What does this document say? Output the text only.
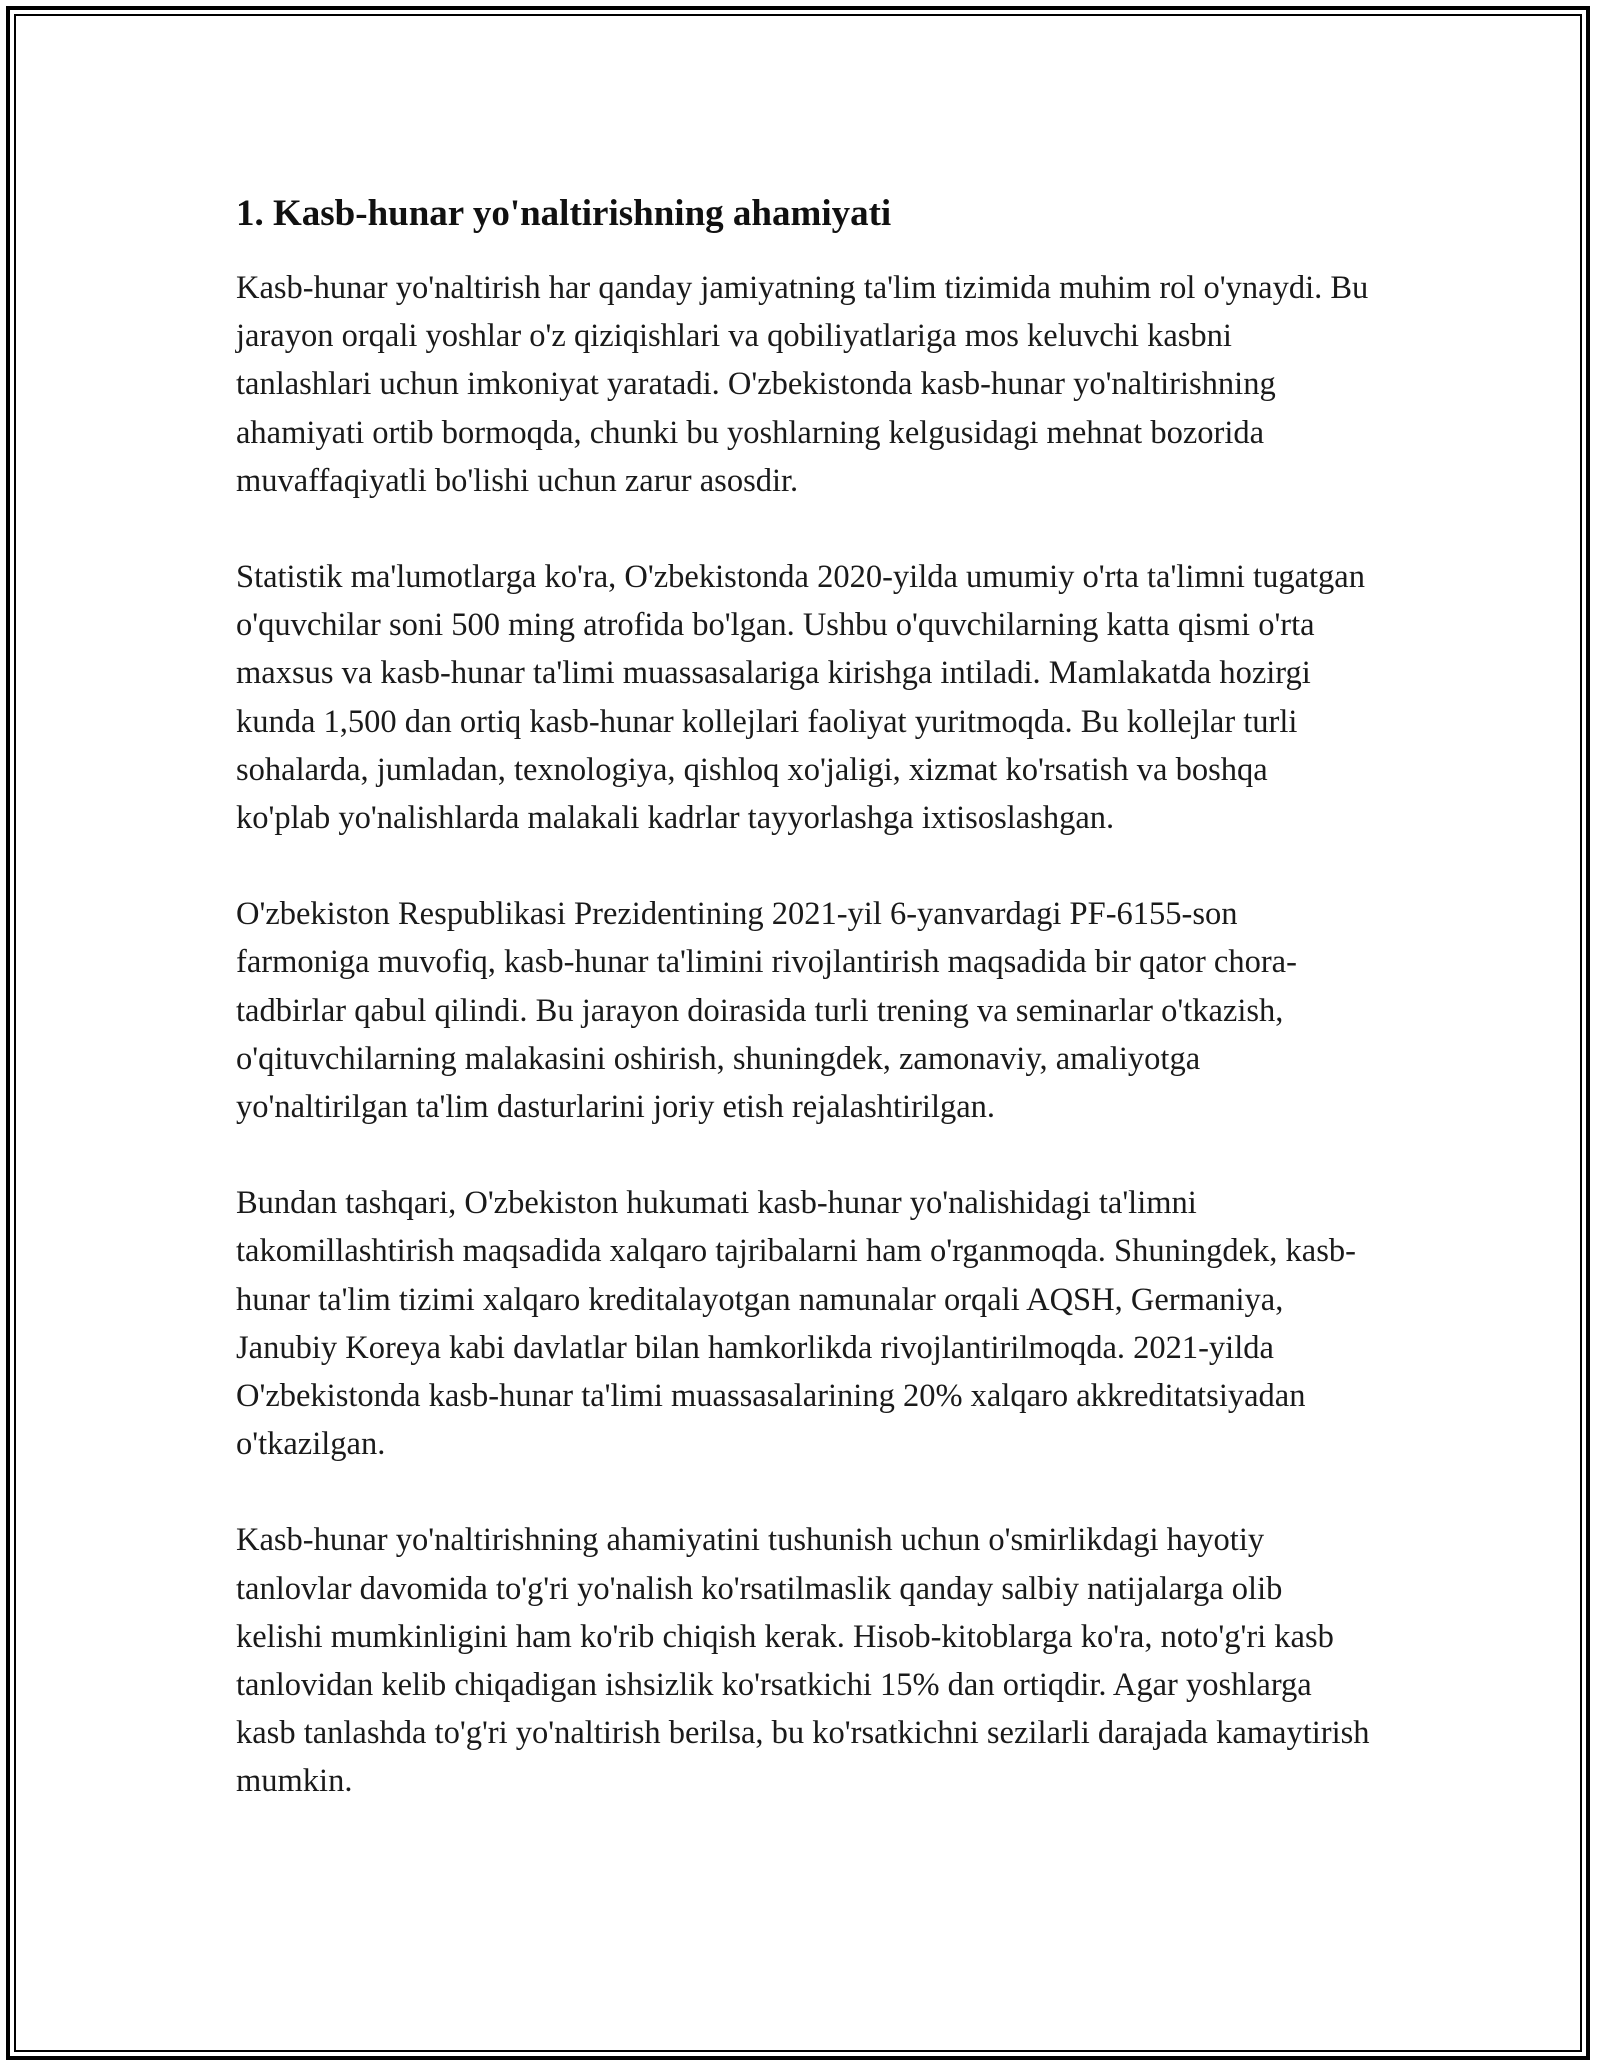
1. Kasb-hunar yo'naltirishning ahamiyati

Kasb-hunar yo'naltirish har qanday jamiyatning ta'lim tizimida muhim rol o'ynaydi. Bu jarayon orqali yoshlar o'z qiziqishlari va qobiliyatlariga mos keluvchi kasbni tanlashlari uchun imkoniyat yaratadi. O'zbekistonda kasb-hunar yo'naltirishning ahamiyati ortib bormoqda, chunki bu yoshlarning kelgusidagi mehnat bozorida muvaffaqiyatli bo'lishi uchun zarur asosdir.

Statistik ma'lumotlarga ko'ra, O'zbekistonda 2020-yilda umumiy o'rta ta'limni tugatgan o'quvchilar soni 500 ming atrofida bo'lgan. Ushbu o'quvchilarning katta qismi o'rta maxsus va kasb-hunar ta'limi muassasalariga kirishga intiladi. Mamlakatda hozirgi kunda 1,500 dan ortiq kasb-hunar kollejlari faoliyat yuritmoqda. Bu kollejlar turli sohalarda, jumladan, texnologiya, qishloq xo'jaligi, xizmat ko'rsatish va boshqa ko'plab yo'nalishlarda malakali kadrlar tayyorlashga ixtisoslashgan.

O'zbekiston Respublikasi Prezidentining 2021-yil 6-yanvardagi PF-6155-son farmoniga muvofiq, kasb-hunar ta'limini rivojlantirish maqsadida bir qator chora-tadbirlar qabul qilindi. Bu jarayon doirasida turli trening va seminarlar o'tkazish, o'qituvchilarning malakasini oshirish, shuningdek, zamonaviy, amaliyotga yo'naltirilgan ta'lim dasturlarini joriy etish rejalashtirilgan.

Bundan tashqari, O'zbekiston hukumati kasb-hunar yo'nalishidagi ta'limni takomillashtirish maqsadida xalqaro tajribalarni ham o'rganmoqda. Shuningdek, kasb-hunar ta'lim tizimi xalqaro kreditalayotgan namunalar orqali AQSH, Germaniya, Janubiy Koreya kabi davlatlar bilan hamkorlikda rivojlantirilmoqda. 2021-yilda O'zbekistonda kasb-hunar ta'limi muassasalarining 20% xalqaro akkreditatsiyadan o'tkazilgan.

Kasb-hunar yo'naltirishning ahamiyatini tushunish uchun o'smirlikdagi hayotiy tanlovlar davomida to'g'ri yo'nalish ko'rsatilmaslik qanday salbiy natijalarga olib kelishi mumkinligini ham ko'rib chiqish kerak. Hisob-kitoblarga ko'ra, noto'g'ri kasb tanlovidan kelib chiqadigan ishsizlik ko'rsatkichi 15% dan ortiqdir. Agar yoshlarga kasb tanlashda to'g'ri yo'naltirish berilsa, bu ko'rsatkichni sezilarli darajada kamaytirish mumkin.
